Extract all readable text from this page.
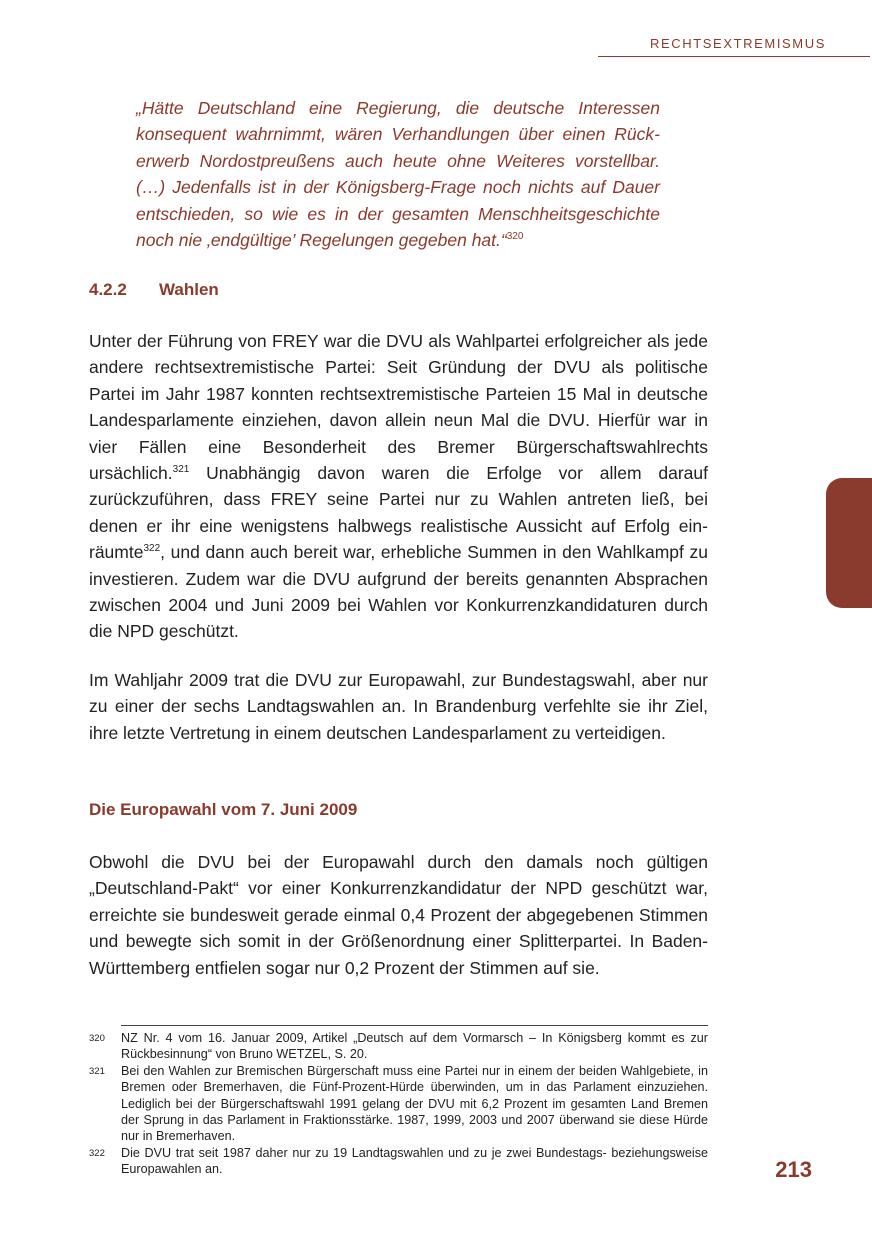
RECHTSEXTREMISMUS

„Hätte Deutschland eine Regierung, die deutsche Interessen konsequent wahrnimmt, wären Verhandlungen über einen Rückerwerb Nordostpreußens auch heute ohne Weiteres vorstellbar. (…) Jedenfalls ist in der Königsberg-Frage noch nichts auf Dauer entschieden, so wie es in der gesamten Menschheitsgeschichte noch nie ‚endgültige’ Regelungen gegeben hat.“$^{320}$

4.2.2 Wahlen

Unter der Führung von FREY war die DVU als Wahlpartei erfolgreicher als jede andere rechtsextremistische Partei: Seit Gründung der DVU als politische Partei im Jahr 1987 konnten rechtsextremistische Parteien 15 Mal in deutsche Landesparlamente einziehen, davon allein neun Mal die DVU. Hierfür war in vier Fällen eine Besonderheit des Bremer Bürgerschaftswahlrechts ursächlich.$^{321}$ Unabhängig davon waren die Erfolge vor allem darauf zurückzuführen, dass FREY seine Partei nur zu Wahlen antreten ließ, bei denen er ihr eine wenigstens halbwegs realistische Aussicht auf Erfolg einräumte$^{322}$, und dann auch bereit war, erhebliche Summen in den Wahlkampf zu investieren. Zudem war die DVU aufgrund der bereits genannten Absprachen zwischen 2004 und Juni 2009 bei Wahlen vor Konkurrenzkandidaturen durch die NPD geschützt.

Im Wahljahr 2009 trat die DVU zur Europawahl, zur Bundestagswahl, aber nur zu einer der sechs Landtagswahlen an. In Brandenburg verfehlte sie ihr Ziel, ihre letzte Vertretung in einem deutschen Landesparlament zu verteidigen.

Die Europawahl vom 7. Juni 2009

Obwohl die DVU bei der Europawahl durch den damals noch gültigen „Deutschland-Pakt“ vor einer Konkurrenzkandidatur der NPD geschützt war, erreichte sie bundesweit gerade einmal 0,4 Prozent der abgegebenen Stimmen und bewegte sich somit in der Größenordnung einer Splitterpartei. In Baden-Württemberg entfielen sogar nur 0,2 Prozent der Stimmen auf sie.

320	NZ Nr. 4 vom 16. Januar 2009, Artikel „Deutsch auf dem Vormarsch – In Königsberg kommt es zur Rückbesinnung“ von Bruno WETZEL, S. 20.
321	Bei den Wahlen zur Bremischen Bürgerschaft muss eine Partei nur in einem der beiden Wahlgebiete, in Bremen oder Bremerhaven, die Fünf-Prozent-Hürde überwinden, um in das Parlament einzuziehen. Lediglich bei der Bürgerschaftswahl 1991 gelang der DVU mit 6,2 Prozent im gesamten Land Bremen der Sprung in das Parlament in Fraktionsstärke. 1987, 1999, 2003 und 2007 überwand sie diese Hürde nur in Bremerhaven.
322	Die DVU trat seit 1987 daher nur zu 19 Landtagswahlen und zu je zwei Bundestags- beziehungsweise Europawahlen an.	213
